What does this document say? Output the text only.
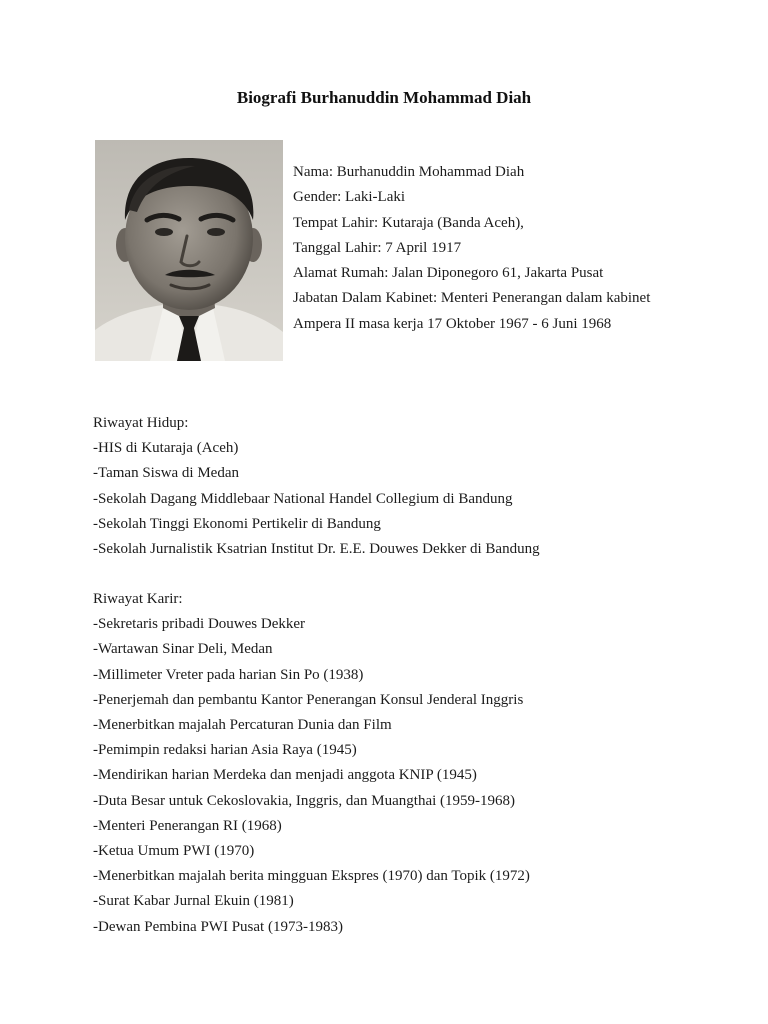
Biografi Burhanuddin Mohammad Diah
Nama: Burhanuddin Mohammad Diah
Gender: Laki-Laki
Tempat Lahir: Kutaraja (Banda Aceh),
Tanggal Lahir: 7 April 1917
Alamat Rumah: Jalan Diponegoro 61, Jakarta Pusat
Jabatan Dalam Kabinet: Menteri Penerangan dalam kabinet
Ampera II masa kerja 17 Oktober 1967 - 6 Juni 1968
Riwayat Hidup:
-HIS di Kutaraja (Aceh)
-Taman Siswa di Medan
-Sekolah Dagang Middlebaar National Handel Collegium di Bandung
-Sekolah Tinggi Ekonomi Pertikelir di Bandung
-Sekolah Jurnalistik Ksatrian Institut Dr. E.E. Douwes Dekker di Bandung
Riwayat Karir:
-Sekretaris pribadi Douwes Dekker
-Wartawan Sinar Deli, Medan
-Millimeter Vreter pada harian Sin Po (1938)
-Penerjemah dan pembantu Kantor Penerangan Konsul Jenderal Inggris
-Menerbitkan majalah Percaturan Dunia dan Film
-Pemimpin redaksi harian Asia Raya (1945)
-Mendirikan harian Merdeka dan menjadi anggota KNIP (1945)
-Duta Besar untuk Cekoslovakia, Inggris, dan Muangthai (1959-1968)
-Menteri Penerangan RI (1968)
-Ketua Umum PWI (1970)
-Menerbitkan majalah berita mingguan Ekspres (1970) dan Topik (1972)
-Surat Kabar Jurnal Ekuin (1981)
-Dewan Pembina PWI Pusat (1973-1983)
